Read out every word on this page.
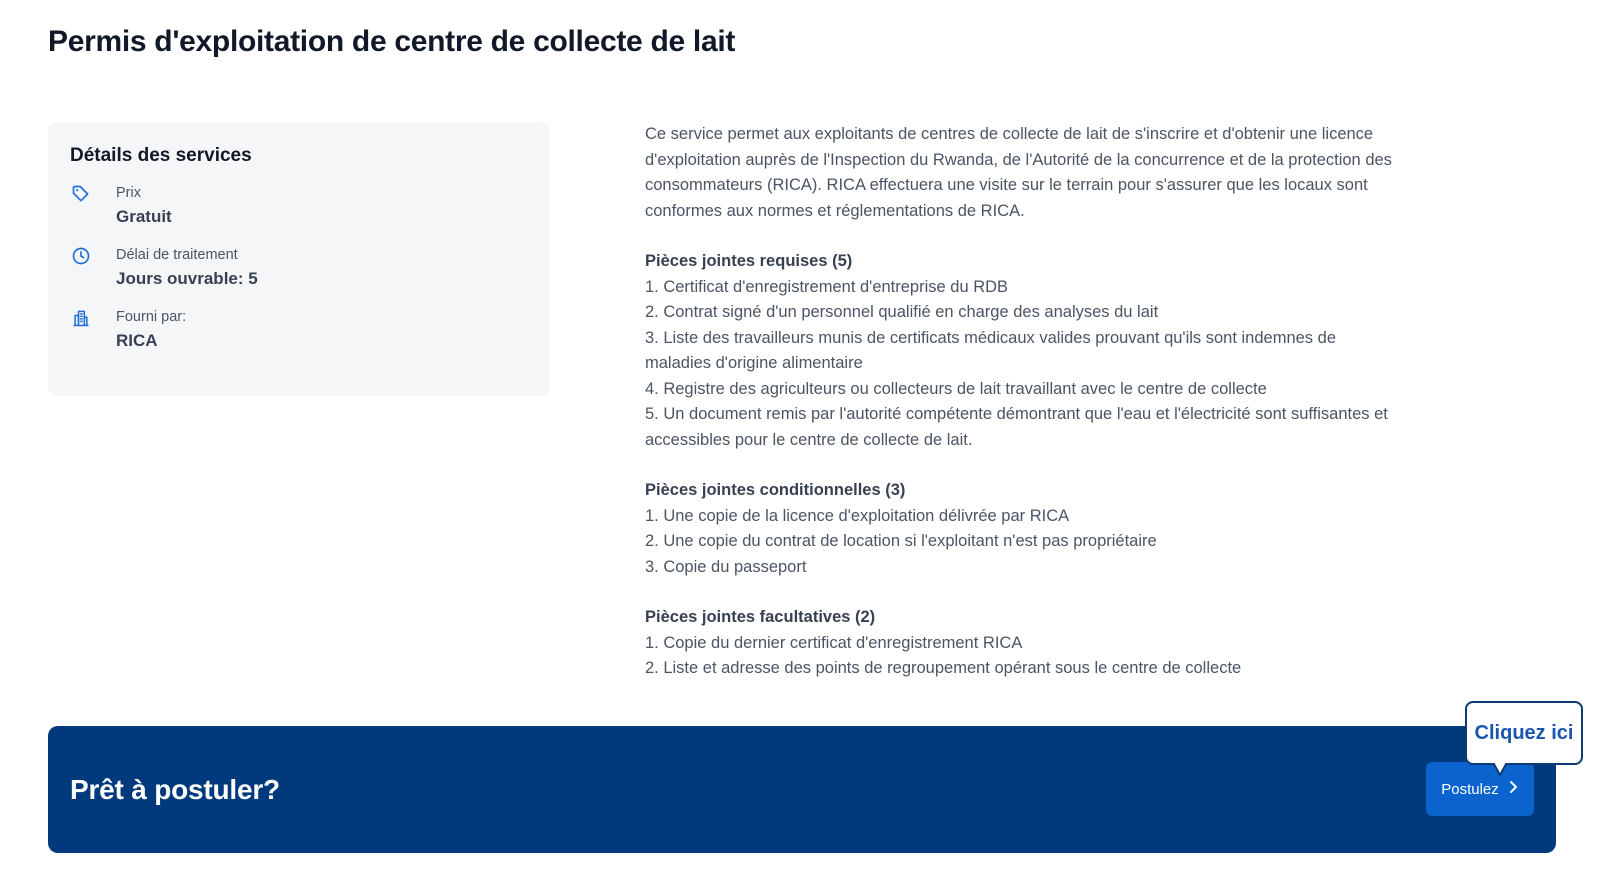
Permis d'exploitation de centre de collecte de lait
Détails des services
Prix
Gratuit
Délai de traitement
Jours ouvrable: 5
Fourni par:
RICA

Ce service permet aux exploitants de centres de collecte de lait de s'inscrire et d'obtenir une licence d'exploitation auprès de l'Inspection du Rwanda, de l'Autorité de la concurrence et de la protection des consommateurs (RICA). RICA effectuera une visite sur le terrain pour s'assurer que les locaux sont conformes aux normes et réglementations de RICA.

Pièces jointes requises (5)
1. Certificat d'enregistrement d'entreprise du RDB
2. Contrat signé d'un personnel qualifié en charge des analyses du lait
3. Liste des travailleurs munis de certificats médicaux valides prouvant qu'ils sont indemnes de maladies d'origine alimentaire
4. Registre des agriculteurs ou collecteurs de lait travaillant avec le centre de collecte
5. Un document remis par l'autorité compétente démontrant que l'eau et l'électricité sont suffisantes et accessibles pour le centre de collecte de lait.
Pièces jointes conditionnelles (3)
1. Une copie de la licence d'exploitation délivrée par RICA
2. Une copie du contrat de location si l'exploitant n'est pas propriétaire
3. Copie du passeport
Pièces jointes facultatives (2)
1. Copie du dernier certificat d'enregistrement RICA
2. Liste et adresse des points de regroupement opérant sous le centre de collecte
Prêt à postuler?	Postulez
Cliquez ici
